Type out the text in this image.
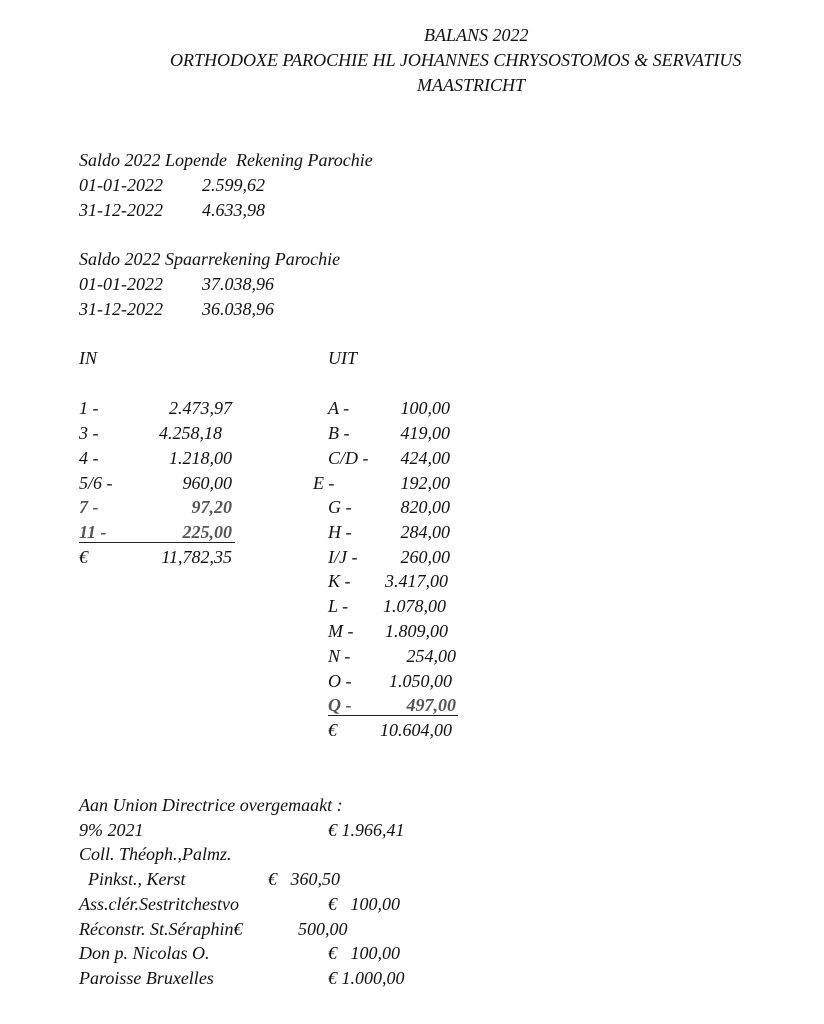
BALANS 2022
ORTHODOXE PAROCHIE HL JOHANNES CHRYSOSTOMOS & SERVATIUS
MAASTRICHT
Saldo 2022 Lopende  Rekening Parochie
01-01-2022 2.599,62
31-12-2022 4.633,98
Saldo 2022 Spaarrekening Parochie
01-01-2022 37.038,96
31-12-2022 36.038,96
IN	UIT
1 -	2.473,97
3 -	4.258,18
4 -	1.218,00
5/6 -	960,00
7 -	97,20
11 -	225,00
€	11,782,35
A -	100,00
B -	419,00
C/D -	424,00
E -	192,00
G -	820,00
H -	284,00
I/J -	260,00
K -	3.417,00
L -	1.078,00
M -	1.809,00
N -	254,00
O -	1.050,00
Q -	497,00
€	10.604,00
Aan Union Directrice overgemaakt :
9% 2021	€ 1.966,41
Coll. Théoph.,Palmz.
Pinkst., Kerst	€   360,50
Ass.clér.Sestritchestvo	€   100,00
Réconstr. St.Séraphin€	500,00
Don p. Nicolas O.	€   100,00
Paroisse Bruxelles	€ 1.000,00
